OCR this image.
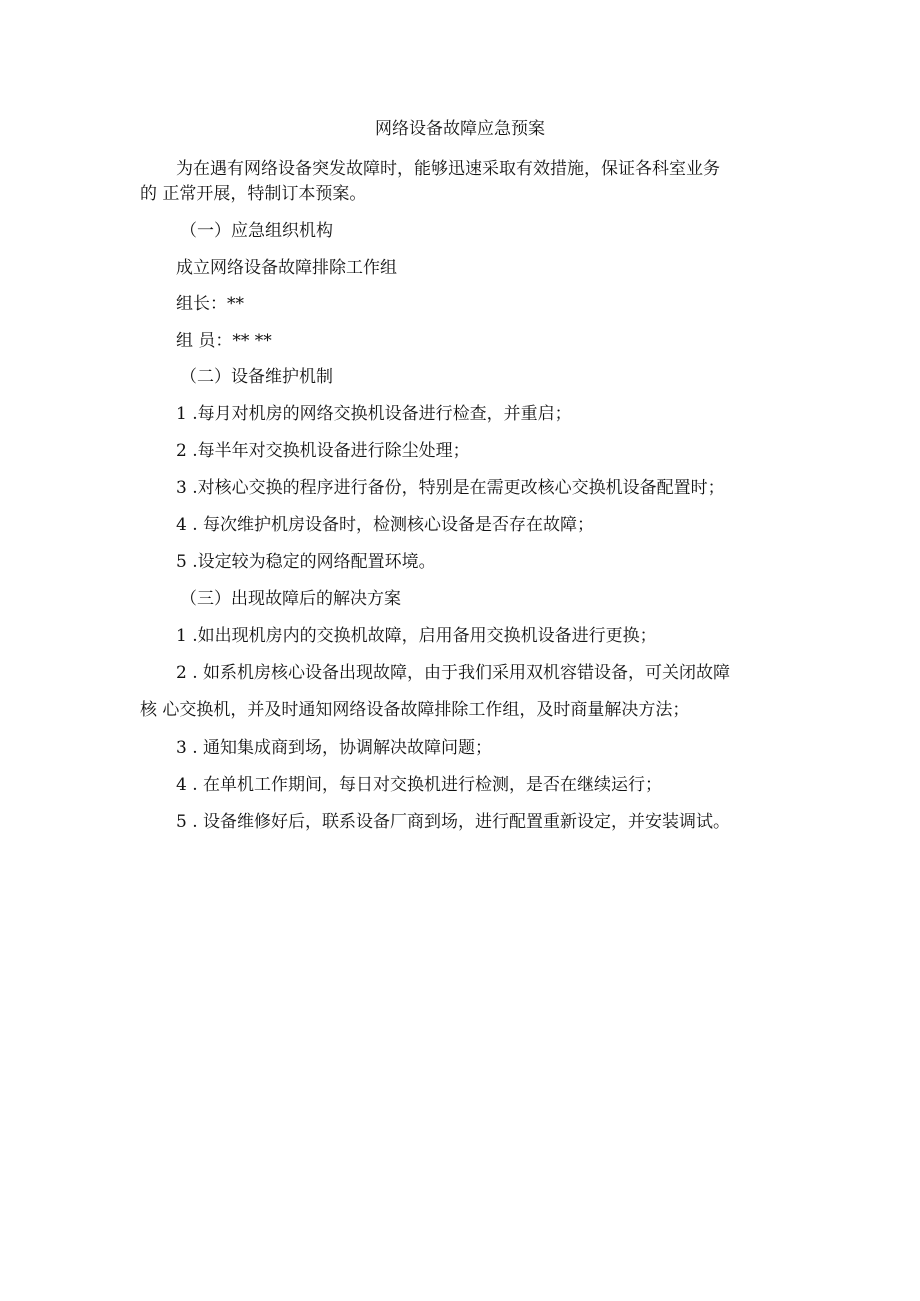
网络设备故障应急预案
为在遇有网络设备突发故障时，能够迅速采取有效措施，保证各科室业务
的 正常开展，特制订本预案。
（一）应急组织机构
成立网络设备故障排除工作组
组长：**
组 员：** **
（二）设备维护机制
1 .每月对机房的网络交换机设备进行检查，并重启；
2 .每半年对交换机设备进行除尘处理；
3 .对核心交换的程序进行备份，特别是在需更改核心交换机设备配置时；
4 . 每次维护机房设备时，检测核心设备是否存在故障；
5 .设定较为稳定的网络配置环境。
（三）出现故障后的解决方案
1 .如出现机房内的交换机故障，启用备用交换机设备进行更换；
2 . 如系机房核心设备出现故障，由于我们采用双机容错设备，可关闭故障
核 心交换机，并及时通知网络设备故障排除工作组，及时商量解决方法；
3 . 通知集成商到场，协调解决故障问题；
4 . 在单机工作期间，每日对交换机进行检测，是否在继续运行；
5 . 设备维修好后，联系设备厂商到场，进行配置重新设定，并安装调试。
